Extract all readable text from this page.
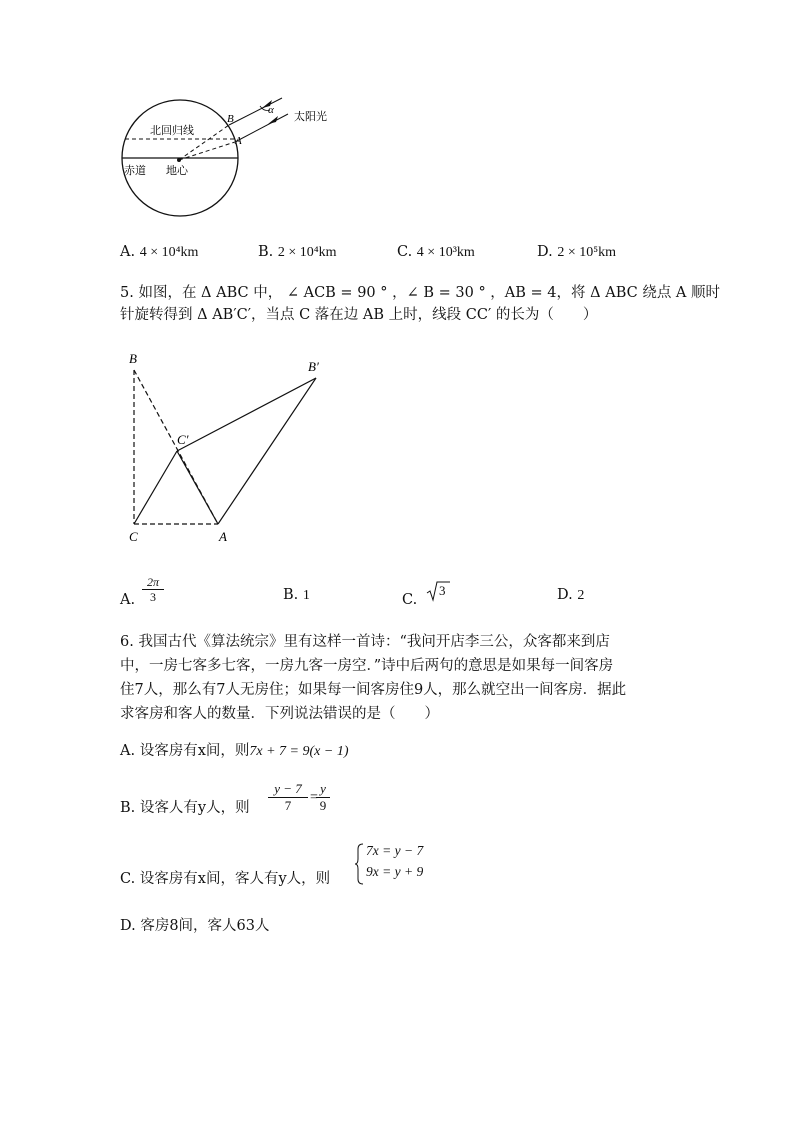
α
B
A
太阳光
北回归线
赤道 地心
A. 4 × 10⁴km	B. 2 × 10⁴km	C. 4 × 10³km	D. 2 × 10⁵km
5. 如图，在 Δ ABC 中， ∠ ACB = 90 ° ，∠ B = 30 ° ，AB = 4，将 Δ ABC 绕点 A 顺时
针旋转得到 Δ AB′C′，当点 C 落在边 AB 上时，线段 CC′ 的长为（　　）
B
B′
C′
C	A
A. $\frac{2\pi}{3}$	B. 1	C.
3	D. 2
6. 我国古代《算法统宗》里有这样一首诗：“我问开店李三公，众客都来到店
中，一房七客多七客，一房九客一房空．”诗中后两句的意思是如果每一间客房
住7人，那么有7人无房住；如果每一间客房住9人，那么就空出一间客房．据此
求客房和客人的数量．下列说法错误的是（　　）
A. 设客房有x间，则7x + 7 = 9(x − 1)
B. 设客人有y人，则 $\frac{y - 7}{7}$ =
$\frac{y}{9}$
C. 设客房有x间，客人有y人，则
7x = y − 7
9x = y + 9
D. 客房8间，客人63人
